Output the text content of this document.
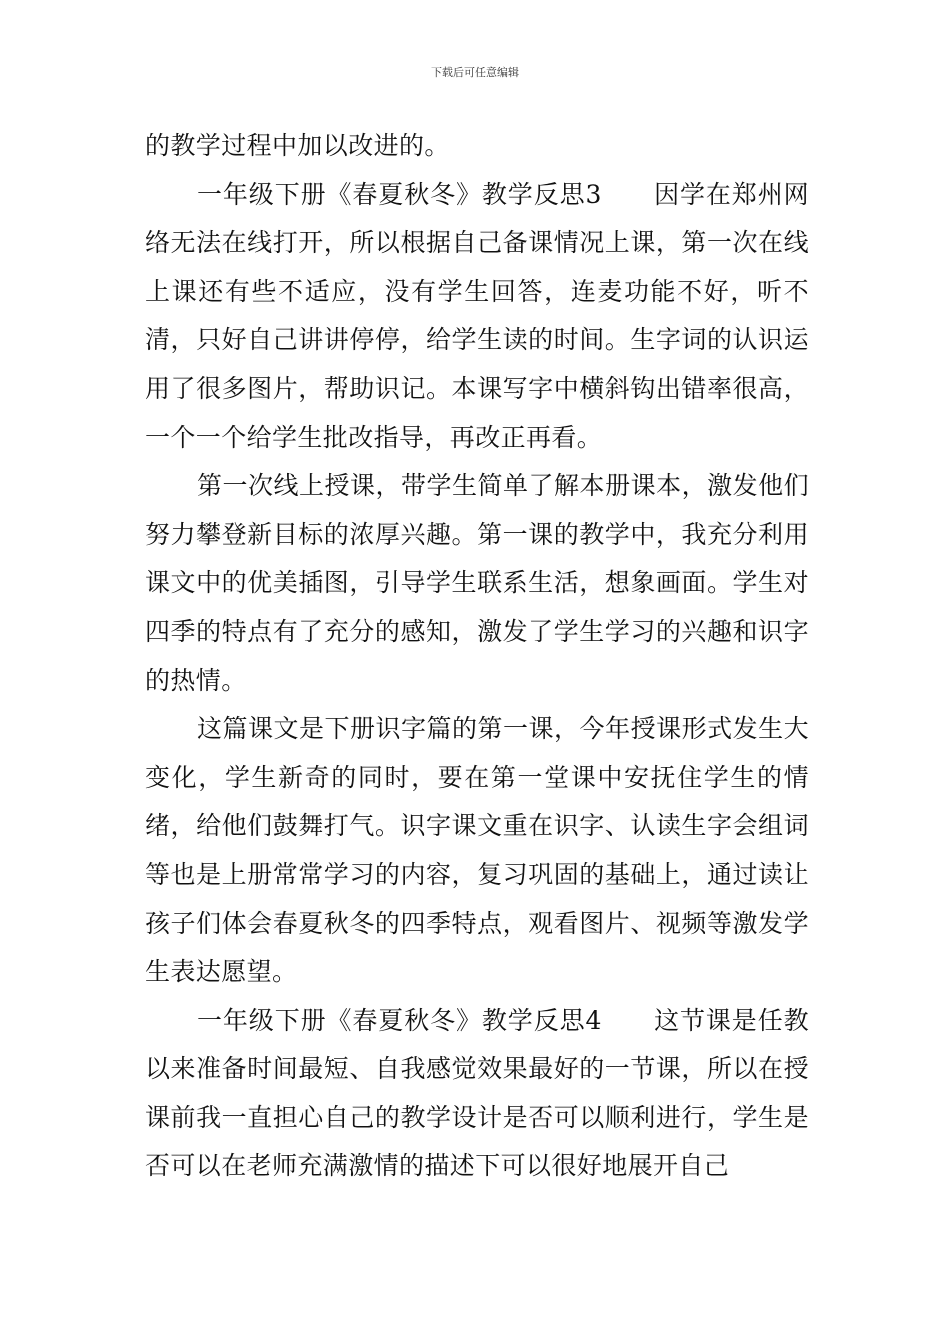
下载后可任意编辑

的教学过程中加以改进的。

一年级下册《春夏秋冬》教学反思3　　因学在郑州网络无法在线打开，所以根据自己备课情况上课，第一次在线上课还有些不适应，没有学生回答，连麦功能不好，听不清，只好自己讲讲停停，给学生读的时间。生字词的认识运用了很多图片，帮助识记。本课写字中横斜钩出错率很高，一个一个给学生批改指导，再改正再看。

第一次线上授课，带学生简单了解本册课本，激发他们努力攀登新目标的浓厚兴趣。第一课的教学中，我充分利用课文中的优美插图，引导学生联系生活，想象画面。学生对四季的特点有了充分的感知，激发了学生学习的兴趣和识字的热情。

这篇课文是下册识字篇的第一课，今年授课形式发生大变化，学生新奇的同时，要在第一堂课中安抚住学生的情绪，给他们鼓舞打气。识字课文重在识字、认读生字会组词等也是上册常常学习的内容，复习巩固的基础上，通过读让孩子们体会春夏秋冬的四季特点，观看图片、视频等激发学生表达愿望。

一年级下册《春夏秋冬》教学反思4　　这节课是任教以来准备时间最短、自我感觉效果最好的一节课，所以在授课前我一直担心自己的教学设计是否可以顺利进行，学生是否可以在老师充满激情的描述下可以很好地展开自己
